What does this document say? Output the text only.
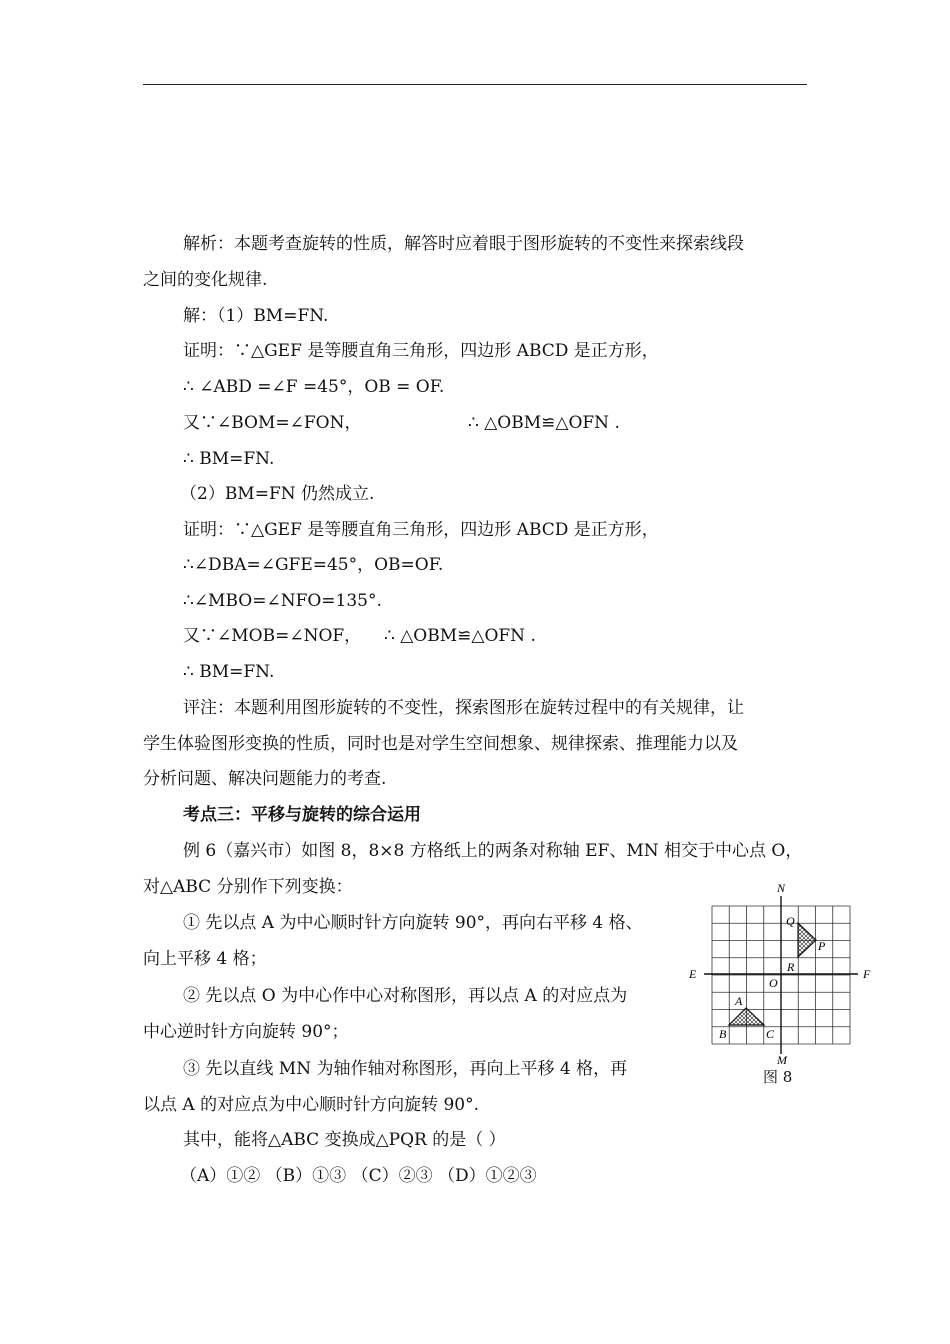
解析：本题考查旋转的性质，解答时应着眼于图形旋转的不变性来探索线段
之间的变化规律.
解：（1）BM=FN.
证明：∵△GEF 是等腰直角三角形，四边形 ABCD 是正方形，
∴ ∠ABD =∠F =45°，OB = OF.
又∵∠BOM=∠FON，	∴ △OBM≌△OFN .
∴ BM=FN.
（2）BM=FN 仍然成立.
证明：∵△GEF 是等腰直角三角形，四边形 ABCD 是正方形，
∴∠DBA=∠GFE=45°，OB=OF.
∴∠MBO=∠NFO=135°.
又∵∠MOB=∠NOF， ∴ △OBM≌△OFN .
∴ BM=FN.
评注：本题利用图形旋转的不变性，探索图形在旋转过程中的有关规律，让
学生体验图形变换的性质，同时也是对学生空间想象、规律探索、推理能力以及
分析问题、解决问题能力的考查.
考点三：平移与旋转的综合运用
例 6（嘉兴市）如图 8，8×8 方格纸上的两条对称轴 EF、MN 相交于中心点 O，
对△ABC 分别作下列变换：
① 先以点 A 为中心顺时针方向旋转 90°，再向右平移 4 格、
向上平移 4 格；
② 先以点 O 为中心作中心对称图形，再以点 A 的对应点为
中心逆时针方向旋转 90°；
③ 先以直线 MN 为轴作轴对称图形，再向上平移 4 格，再
以点 A 的对应点为中心顺时针方向旋转 90°.
其中，能将△ABC 变换成△PQR 的是（ ）
（A）①② （B）①③ （C）②③ （D）①②③
N
M
E	F
O
A
B	C
P
Q
R
图 8
